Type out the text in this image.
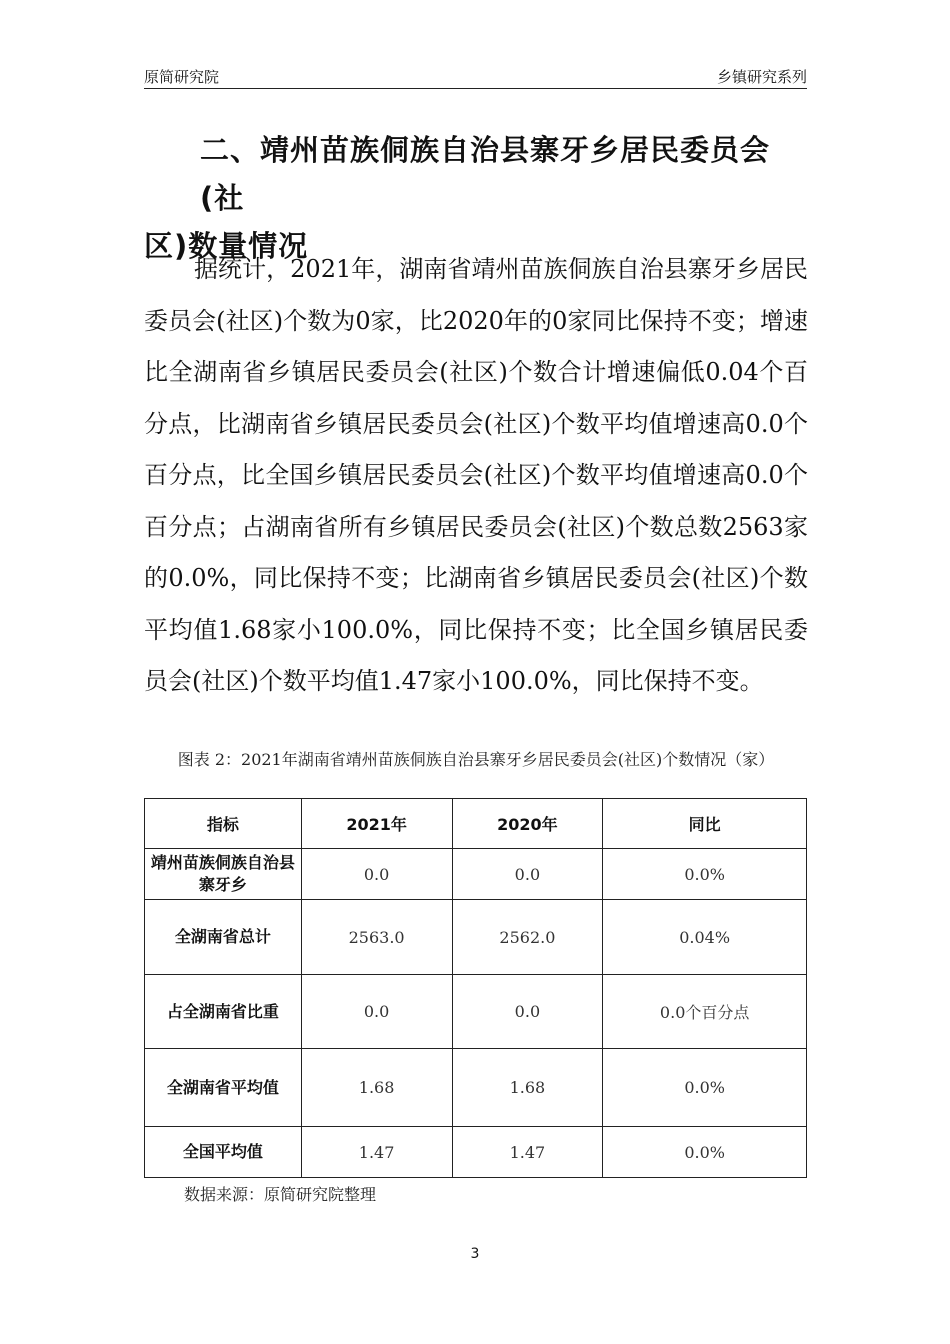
原简研究院	乡镇研究系列
二、靖州苗族侗族自治县寨牙乡居民委员会(社
区)数量情况

据统计，2021年，湖南省靖州苗族侗族自治县寨牙乡居民委员会(社区)个数为0家，比2020年的0家同比保持不变；增速比全湖南省乡镇居民委员会(社区)个数合计增速偏低0.04个百分点，比湖南省乡镇居民委员会(社区)个数平均值增速高0.0个百分点，比全国乡镇居民委员会(社区)个数平均值增速高0.0个百分点；占湖南省所有乡镇居民委员会(社区)个数总数2563家的0.0%，同比保持不变；比湖南省乡镇居民委员会(社区)个数平均值1.68家小100.0%，同比保持不变；比全国乡镇居民委员会(社区)个数平均值1.47家小100.0%，同比保持不变。

图表 2：2021年湖南省靖州苗族侗族自治县寨牙乡居民委员会(社区)个数情况（家）
指标	2021年	2020年	同比
靖州苗族侗族自治县寨牙乡	0.0	0.0	0.0%
全湖南省总计	2563.0	2562.0	0.04%
占全湖南省比重	0.0	0.0	0.0个百分点
全湖南省平均值	1.68	1.68	0.0%
全国平均值	1.47	1.47	0.0%
数据来源：原简研究院整理
3
